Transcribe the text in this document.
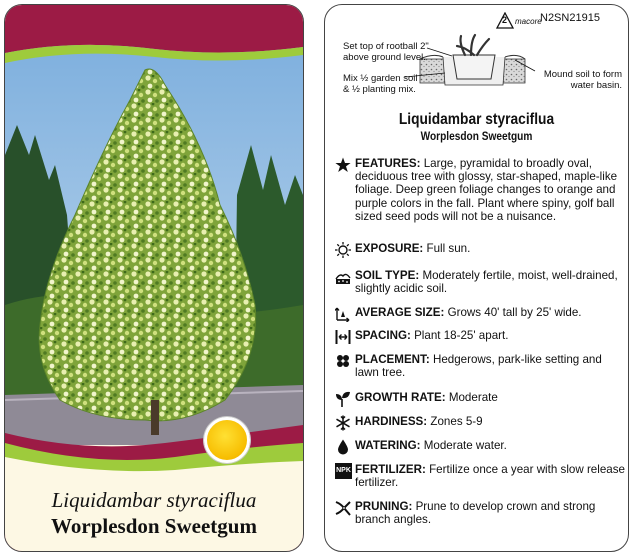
Liquidambar styraciflua
Worplesdon Sweetgum
2 macore
N2SN21915
Set top of rootball 2"
above ground level.
Mix ½ garden soil
& ½ planting mix.
Mound soil to form
water basin.
Liquidambar styraciflua
Worplesdon Sweetgum
FEATURES: Large, pyramidal to broadly oval, deciduous tree with glossy, star-shaped, maple-like foliage. Deep green foliage changes to orange and purple colors in the fall. Plant where spiny, golf ball sized seed pods will not be a nuisance.
EXPOSURE: Full sun.
SOIL TYPE: Moderately fertile, moist, well-drained, slightly acidic soil.
AVERAGE SIZE: Grows 40' tall by 25' wide.
SPACING: Plant 18-25' apart.
PLACEMENT: Hedgerows, park-like setting and lawn tree.
GROWTH RATE: Moderate
HARDINESS: Zones 5-9
WATERING: Moderate water.
NPK FERTILIZER: Fertilize once a year with slow release fertilizer.
PRUNING: Prune to develop crown and strong branch angles.
